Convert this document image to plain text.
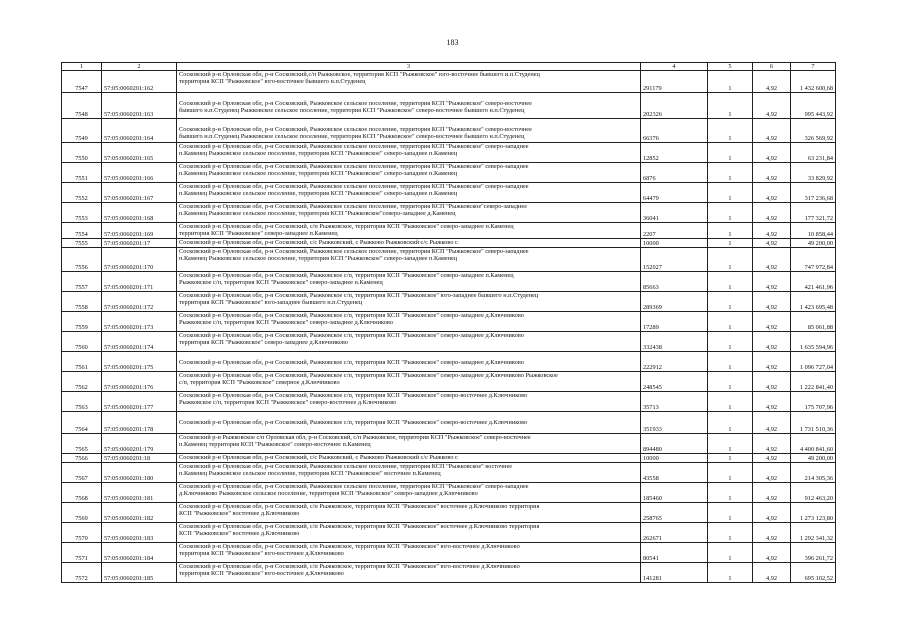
183
1	2	3	4	5	6	7
7547	57:05:0060201:162	Сосковский р-н Орловская обл, р-н Сосковский,с/п Рыжковское, территория КСП "Рыжковское" юго-восточнее бывшего и.п.Студенец
территория КСП "Рыжковское" юго-восточнее бывшего н.п.Студенец	291179	1	4,92	1 432 600,68
7548	57:05:0060201:163	Сосковский р-н Орловская обл, р-н Сосковский, Рыжковское сельское поселение, территория КСП "Рыжковское" северо-восточнее
бывшего н.п.Студенец Рыжковское сельское поселение, территория КСП "Рыжковское" северо-восточнее бывшего н.п.Студенец	202326	1	4,92	995 443,92
7549	57:05:0060201:164	Сосковский р-н Орловская обл, р-н Сосковский, Рыжковское сельское поселение, территория КСП "Рыжковское" северо-восточнее
бывшего н.п.Студенец Рыжковское сельское поселение, территория КСП "Рыжковское" северо-восточнее бывшего н.п.Студенец	66376	1	4,92	326 569,92
7550	57:05:0060201:165	Сосковский р-н Орловская обл, р-н Сосковский, Рыжковское сельское поселение, территория КСП "Рыжковское" северо-западнее
п.Каменец Рыжковское сельское поселение, территория КСП "Рыжковское" северо-западнее п.Каменец	12852	1	4,92	63 231,84
7551	57:05:0060201:166	Сосковский р-н Орловская обл, р-н Сосковский, Рыжковское сельское поселение, территория КСП "Рыжковское" северо-западнее
п.Каменец Рыжковское сельское поселение, территория КСП "Рыжковское" северо-западнее п.Каменец	6876	1	4,92	33 829,92
7552	57:05:0060201:167	Сосковский р-н Орловская обл, р-н Сосковский, Рыжковское сельское поселение, территория КСП "Рыжковское" северо-западнее
п.Каменец Рыжковское сельское поселение, территория КСП "Рыжковское" северо-западнее п.Каменец	64479	1	4,92	317 236,68
7553	57:05:0060201:168	Сосковский р-н Орловская обл, р-н Сосковский, Рыжковское сельское поселение, территория КСП "Рыжковское"северо-западнее
п.Каменец Рыжковское сельское поселение, территория КСП "Рыжковское"северо-западнее д.Каменец	36041	1	4,92	177 321,72
7554	57:05:0060201:169	Сосковский р-н Орловская обл, р-н Сосковский, с/п Рыжковское, территория КСП "Рыжковское" северо-западнее п.Каменец
территория КСП "Рыжковское" северо-западнее п.Каменец	2207	1	4,92	10 858,44
7555	57:05:0060201:17	Сосковский р-н Орловская обл, р-н Сосковский, с/с Рыжковский, с Рыжково Рыжковский с/с Рыжково с	10000	1	4,92	49 200,00
7556	57:05:0060201:170	Сосковский р-н Орловская обл, р-н Сосковский, Рыжковское сельское поселение, территория КСП "Рыжковское" северо-западнее
п.Каменец Рыжковское сельское поселение, территория КСП "Рыжковское" северо-западнее п.Каменец	152027	1	4,92	747 972,84
7557	57:05:0060201:171	Сосковский р-н Орловская обл, р-н Сосковский, Рыжковское с/п, территория КСП "Рыжковское" северо-западнее п.Каменец
Рыжковское с/п, территория КСП "Рыжковское" северо-западнее п.Каменец	85663	1	4,92	421 461,96
7558	57:05:0060201:172	Сосковский р-н Орловская обл, р-н Сосковский, Рыжковское с/п, территория КСП "Рыжковское" юго-западнее бывшего н.п.Студенец
территория КСП "Рыжковское" юго-западнее бывшего н.п.Студенец	289369	1	4,92	1 423 695,48
7559	57:05:0060201:173	Сосковский р-н Орловская обл, р-н Сосковский, Рыжковское с/п, территория КСП "Рыжковское" северо-западнее д.Ключниково
Рыжковское с/п, территория КСП "Рыжковское" северо-западнее д.Ключниково	17289	1	4,92	85 061,88
7560	57:05:0060201:174	Сосковский р-н Орловская обл, р-н Сосковский, Рыжковское с/п, территория КСП "Рыжковское" северо-западнее д.Ключниково
территория КСП "Рыжковское" северо-западнее д.Ключниково	332438	1	4,92	1 635 594,96
7561	57:05:0060201:175	Сосковский р-н Орловская обл, р-н Сосковский, Рыжковское с/п, территория КСП "Рыжковское" северо-западнее д.Ключниково	222912	1	4,92	1 096 727,04
7562	57:05:0060201:176	Сосковский р-н Орловская обл, р-н Сосковский, Рыжковское с/п, территория КСП "Рыжковское" северо-западнее д.Ключниково Рыжковское
с/п, территория КСП "Рыжковское" северное д.Ключниково	248545	1	4,92	1 222 841,40
7563	57:05:0060201:177	Сосковский р-н Орловская обл, р-н Сосковский, Рыжковское с/п, территория КСП "Рыжковское" северо-восточнее д.Ключниково
Рыжковское с/п, территория КСП "Рыжковское" северо-восточнее д.Ключниково	35713	1	4,92	175 707,96
7564	57:05:0060201:178	Сосковский р-н Орловская обл, р-н Сосковский, Рыжковское с/п, территория КСП "Рыжковское" северо-восточнее д.Ключниково	351933	1	4,92	1 731 510,36
7565	57:05:0060201:179	Сосковский р-н Рыжковское с/п Орловская обл, р-н Сосковский, с/п Рыжковское, территория КСП "Рыжковское" северо-восточнее
п.Каменец территория КСП "Рыжковское" северо-восточнее п.Каменец	894480	1	4,92	4 400 841,60
7566	57:05:0060201:18	Сосковский р-н Орловская обл, р-н Сосковский, с/с Рыжковский, с Рыжково Рыжковский с/с Рыжково с	10000	1	4,92	49 200,00
7567	57:05:0060201:180	Сосковский р-н Орловская обл, р-н Сосковский, Рыжковское сельское поселение, территория КСП "Рыжковское" восточнее
п.Каменец Рыжковское сельское поселение, территория КСП "Рыжковское" восточнее п.Каменец	43558	1	4,92	214 305,36
7568	57:05:0060201:181	Сосковский р-н Орловская обл, р-н Сосковский, Рыжковское сельское поселение, территория КСП "Рыжковское" северо-западнее
д.Ключниково Рыжковское сельское поселение, территория КСП "Рыжковское" северо-западнее д.Ключниково	185460	1	4,92	912 463,20
7569	57:05:0060201:182	Сосковский р-н Орловская обл, р-н Сосковский, с/п Рыжковское, территория КСП "Рыжковское" восточнее д.Ключниково территория
КСП "Рыжковское" восточнее д.Ключниково	258765	1	4,92	1 273 123,80
7570	57:05:0060201:183	Сосковский р-н Орловская обл, р-н Сосковский, с/п Рыжковское, территория КСП "Рыжковское" восточнее д.Ключниково территория
КСП "Рыжковское" восточнее д.Ключниково	262671	1	4,92	1 292 341,32
7571	57:05:0060201:184	Сосковский р-н Орловская обл, р-н Сосковский, с/п Рыжковское, территория КСП "Рыжковское" юго-восточнее д.Ключниково
территория КСП "Рыжковское" юго-восточнее д.Ключниково	80541	1	4,92	396 261,72
7572	57:05:0060201:185	Сосковский р-н Орловская обл, р-н Сосковский, с/п Рыжковское, территория КСП "Рыжковское" юго-восточнее д.Ключниково
территория КСП "Рыжковское" юго-восточнее д.Ключниково	141281	1	4,92	695 102,52
